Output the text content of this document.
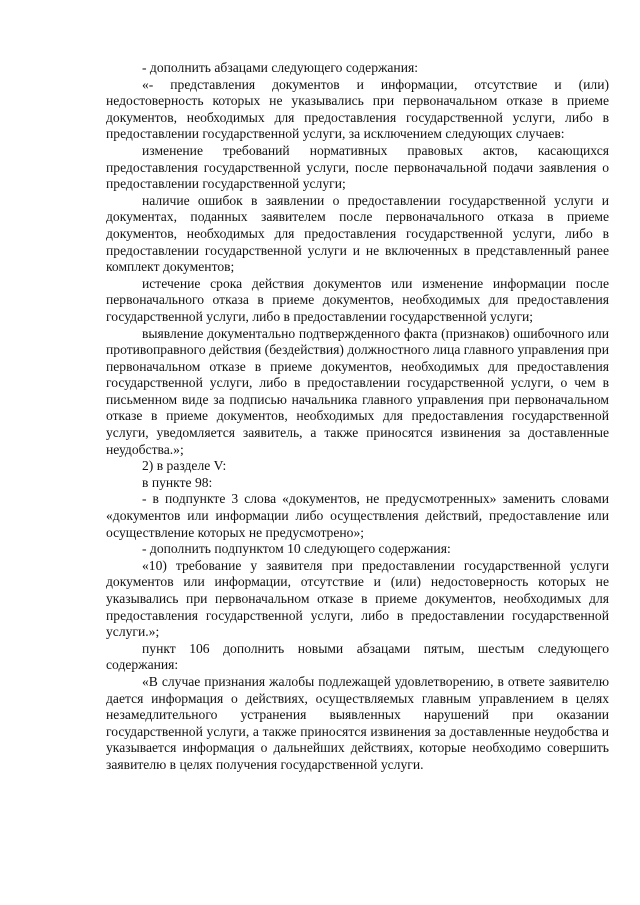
- дополнить абзацами следующего содержания:

«- представления документов и информации, отсутствие и (или) недостоверность которых не указывались при первоначальном отказе в приеме документов, необходимых для предоставления государственной услуги, либо в предоставлении государственной услуги, за исключением следующих случаев:

изменение требований нормативных правовых актов, касающихся предоставления государственной услуги, после первоначальной подачи заявления о предоставлении государственной услуги;

наличие ошибок в заявлении о предоставлении государственной услуги и документах, поданных заявителем после первоначального отказа в приеме документов, необходимых для предоставления государственной услуги, либо в предоставлении государственной услуги и не включенных в представленный ранее комплект документов;

истечение срока действия документов или изменение информации после первоначального отказа в приеме документов, необходимых для предоставления государственной услуги, либо в предоставлении государственной услуги;

выявление документально подтвержденного факта (признаков) ошибочного или противоправного действия (бездействия) должностного лица главного управления при первоначальном отказе в приеме документов, необходимых для предоставления государственной услуги, либо в предоставлении государственной услуги, о чем в письменном виде за подписью начальника главного управления при первоначальном отказе в приеме документов, необходимых для предоставления государственной услуги, уведомляется заявитель, а также приносятся извинения за доставленные неудобства.»;

2) в разделе V:

в пункте 98:

- в подпункте 3 слова «документов, не предусмотренных» заменить словами «документов или информации либо осуществления действий, предоставление или осуществление которых не предусмотрено»;

- дополнить подпунктом 10 следующего содержания:

«10) требование у заявителя при предоставлении государственной услуги документов или информации, отсутствие и (или) недостоверность которых не указывались при первоначальном отказе в приеме документов, необходимых для предоставления государственной услуги, либо в предоставлении государственной услуги.»;

пункт 106 дополнить новыми абзацами пятым, шестым следующего содержания:

«В случае признания жалобы подлежащей удовлетворению, в ответе заявителю дается информация о действиях, осуществляемых главным управлением в целях незамедлительного устранения выявленных нарушений при оказании государственной услуги, а также приносятся извинения за доставленные неудобства и указывается информация о дальнейших действиях, которые необходимо совершить заявителю в целях получения государственной услуги.
